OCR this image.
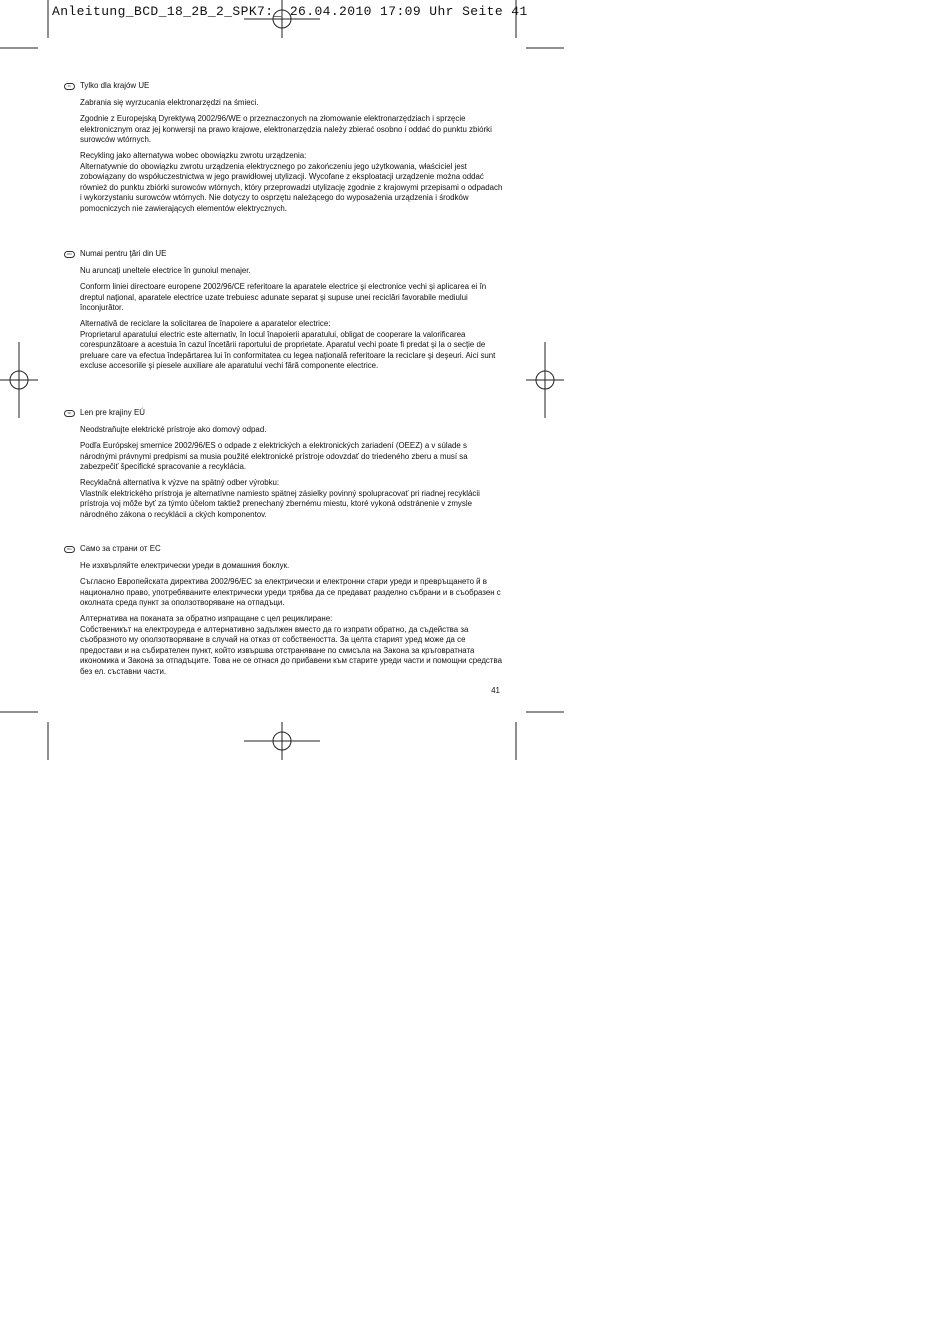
Anleitung_BCD_18_2B_2_SPK7:_ 26.04.2010 17:09 Uhr Seite 41
PL	Tylko dla krajów UE

Zabrania się wyrzucania elektronarzędzi na śmieci.

Zgodnie z Europejską Dyrektywą 2002/96/WE o przeznaczonych na złomowanie elektronarzędziach i sprzęcie elektronicznym oraz jej konwersji na prawo krajowe, elektronarzędzia należy zbierać osobno i oddać do punktu zbiórki surowców wtórnych.

Recykling jako alternatywa wobec obowiązku zwrotu urządzenia:
Alternatywnie do obowiązku zwrotu urządzenia elektrycznego po zakończeniu jego użytkowania, właściciel jest zobowiązany do współuczestnictwa w jego prawidłowej utylizacji. Wycofane z eksploatacji urządzenie można oddać również do punktu zbiórki surowców wtórnych, który przeprowadzi utylizację zgodnie z krajowymi przepisami o odpadach i wykorzystaniu surowców wtórnych. Nie dotyczy to osprzętu należącego do wyposażenia urządzenia i środków pomocniczych nie zawierających elementów elektrycznych.
RO	Numai pentru ţări din UE

Nu aruncaţi uneltele electrice în gunoiul menajer.

Conform liniei directoare europene 2002/96/CE referitoare la aparatele electrice şi electronice vechi şi aplicarea ei în dreptul naţional, aparatele electrice uzate trebuiesc adunate separat şi supuse unei reciclări favorabile mediului înconjurător.

Alternativă de reciclare la solicitarea de înapoiere a aparatelor electrice:
Proprietarul aparatului electric este alternativ, în locul înapoierii aparatului, obligat de cooperare la valorificarea corespunzătoare a acestuia în cazul încetării raportului de proprietate. Aparatul vechi poate fi predat şi la o secţie de preluare care va efectua îndepărtarea lui în conformitatea cu legea naţională referitoare la reciclare şi deşeuri. Aici sunt excluse accesoriile şi piesele auxiliare ale aparatului vechi fără componente electrice.
SK	Len pre krajiny EÚ

Neodstraňujte elektrické prístroje ako domový odpad.

Podľa Európskej smernice 2002/96/ES o odpade z elektrických a elektronických zariadení (OEEZ) a v súlade s národnými právnymi predpismi sa musia použité elektronické prístroje odovzdať do triedeného zberu a musí sa zabezpečiť špecifické spracovanie a recyklácia.

Recyklačná alternatíva k výzve na spätný odber výrobku:
Vlastník elektrického prístroja je alternatívne namiesto spätnej zásielky povinný spolupracovať pri riadnej recyklácii prístroja voj môže byť za týmto účelom taktiež prenechaný zbernému miestu, ktoré vykoná odstránenie v zmysle národného zákona o recyklácii a ckých komponentov.
BG	Само за страни от ЕС

Не изхвърляйте електрически уреди в домашния боклук.

Съгласно Европейската директива 2002/96/ЕС за електрически и електронни стари уреди и превръщането й в национално право, употребяваните електрически уреди трябва да се предават разделно събрани и в съобразен с околната среда пункт за оползотворяване на отпадъци.

Алтернатива на поканата за обратно изпращане с цел рециклиране:
Собственикът на електроуреда е алтернативно задължен вместо да го изпрати обратно, да съдейства за съобразното му оползотворяване в случай на отказ от собствеността. За целта старият уред може да се предостави и на събирателен пункт, който извършва отстраняване по смисъла на Закона за кръговратната икономика и Закона за отпадъците. Това не се отнася до прибавени към старите уреди части и помощни средства без ел. съставни части.
41
